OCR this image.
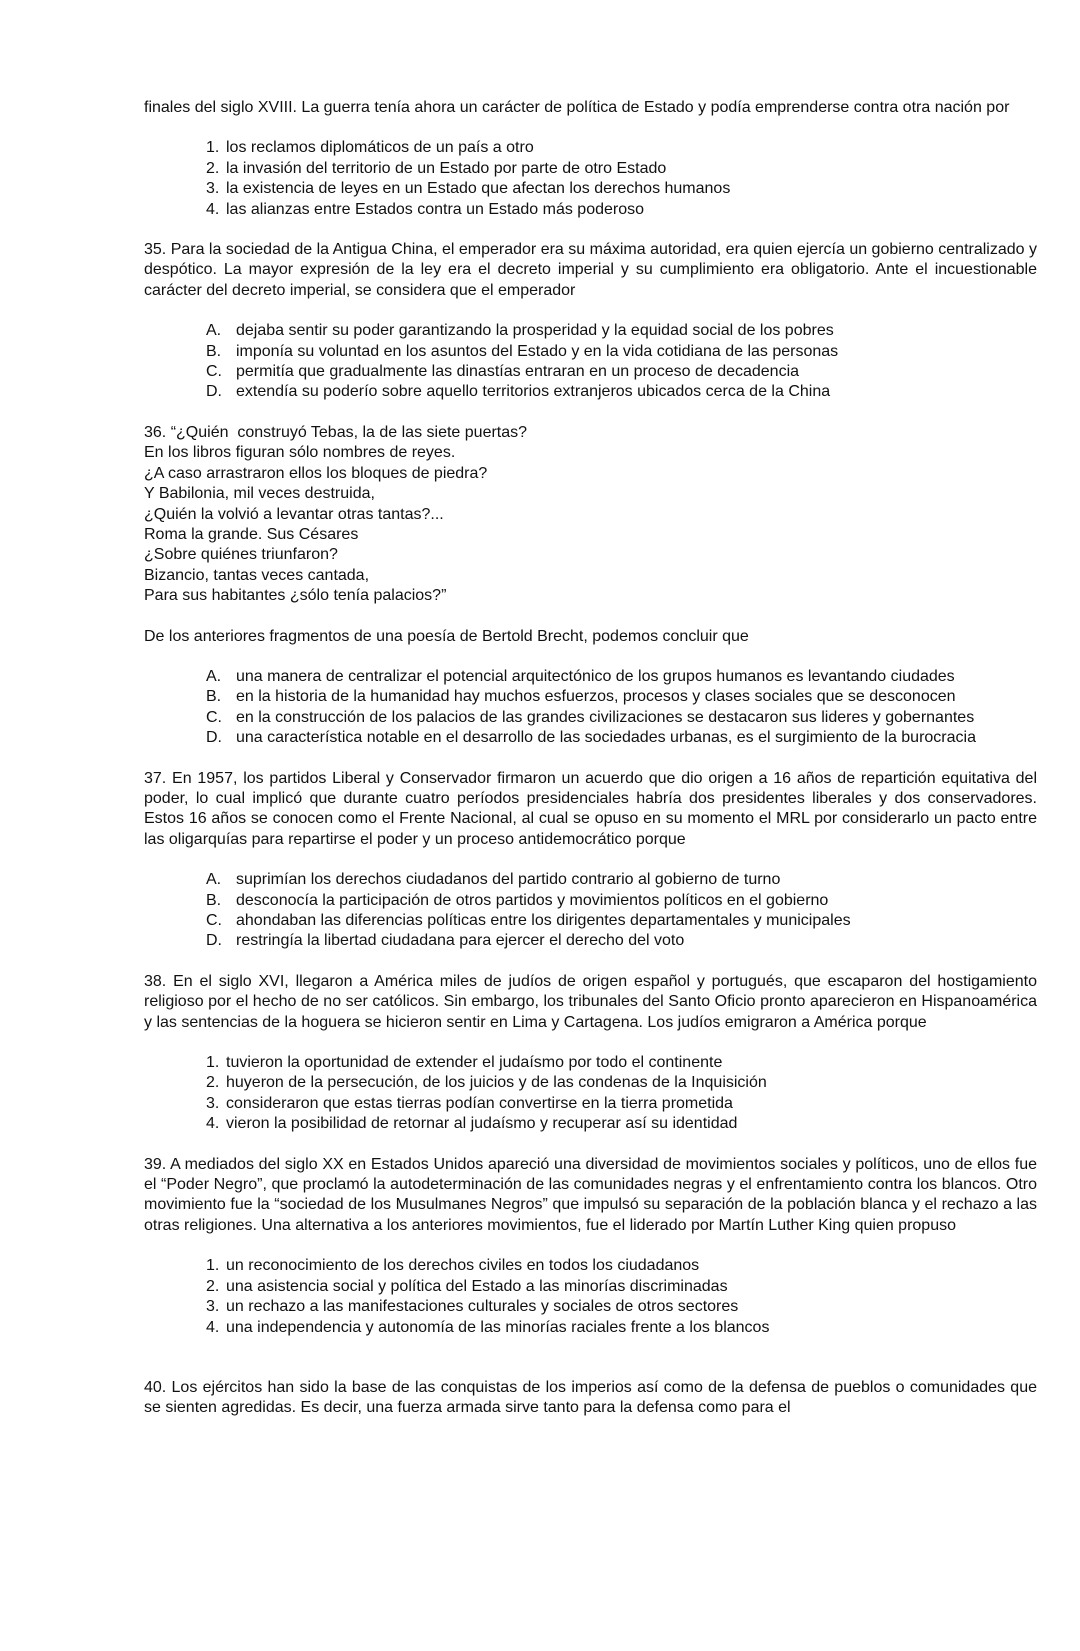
finales del siglo XVIII. La guerra tenía ahora un carácter de política de Estado y podía emprenderse contra otra nación por

1. los reclamos diplomáticos de un país a otro
2. la invasión del territorio de un Estado por parte de otro Estado
3. la existencia de leyes en un Estado que afectan los derechos humanos
4. las alianzas entre Estados contra un Estado más poderoso

35. Para la sociedad de la Antigua China, el emperador era su máxima autoridad, era quien ejercía un gobierno centralizado y despótico. La mayor expresión de la ley era el decreto imperial y su cumplimiento era obligatorio. Ante el incuestionable carácter del decreto imperial, se considera que el emperador

A. dejaba sentir su poder garantizando la prosperidad y la equidad social de los pobres
B. imponía su voluntad en los asuntos del Estado y en la vida cotidiana de las personas
C. permitía que gradualmente las dinastías entraran en un proceso de decadencia
D. extendía su poderío sobre aquello territorios extranjeros ubicados cerca de la China
36. “¿Quién  construyó Tebas, la de las siete puertas?
En los libros figuran sólo nombres de reyes.
¿A caso arrastraron ellos los bloques de piedra?
Y Babilonia, mil veces destruida,
¿Quién la volvió a levantar otras tantas?...
Roma la grande. Sus Césares
¿Sobre quiénes triunfaron?
Bizancio, tantas veces cantada,
Para sus habitantes ¿sólo tenía palacios?”

De los anteriores fragmentos de una poesía de Bertold Brecht, podemos concluir que

A. una manera de centralizar el potencial arquitectónico de los grupos humanos es levantando ciudades
B. en la historia de la humanidad hay muchos esfuerzos, procesos y clases sociales que se desconocen
C. en la construcción de los palacios de las grandes civilizaciones se destacaron sus lideres y gobernantes
D. una característica notable en el desarrollo de las sociedades urbanas, es el surgimiento de la burocracia

37. En 1957, los partidos Liberal y Conservador firmaron un acuerdo que dio origen a 16 años de repartición equitativa del poder, lo cual implicó que durante cuatro períodos presidenciales habría dos presidentes liberales y dos conservadores. Estos 16 años se conocen como el Frente Nacional, al cual se opuso en su momento el MRL por considerarlo un pacto entre las oligarquías para repartirse el poder y un proceso antidemocrático porque

A. suprimían los derechos ciudadanos del partido contrario al gobierno de turno
B. desconocía la participación de otros partidos y movimientos políticos en el gobierno
C. ahondaban las diferencias políticas entre los dirigentes departamentales y municipales
D. restringía la libertad ciudadana para ejercer el derecho del voto

38. En el siglo XVI, llegaron a América miles de judíos de origen español y portugués, que escaparon del hostigamiento religioso por el hecho de no ser católicos. Sin embargo, los tribunales del Santo Oficio pronto aparecieron en Hispanoamérica y las sentencias de la hoguera se hicieron sentir en Lima y Cartagena. Los judíos emigraron a América porque

1. tuvieron la oportunidad de extender el judaísmo por todo el continente
2. huyeron de la persecución, de los juicios y de las condenas de la Inquisición
3. consideraron que estas tierras podían convertirse en la tierra prometida
4. vieron la posibilidad de retornar al judaísmo y recuperar así su identidad

39. A mediados del siglo XX en Estados Unidos apareció una diversidad de movimientos sociales y políticos, uno de ellos fue el “Poder Negro”, que proclamó la autodeterminación de las comunidades negras y el enfrentamiento contra los blancos. Otro movimiento fue la “sociedad de los Musulmanes Negros” que impulsó su separación de la población blanca y el rechazo a las otras religiones. Una alternativa a los anteriores movimientos, fue el liderado por Martín Luther King quien propuso

1. un reconocimiento de los derechos civiles en todos los ciudadanos
2. una asistencia social y política del Estado a las minorías discriminadas
3. un rechazo a las manifestaciones culturales y sociales de otros sectores
4. una independencia y autonomía de las minorías raciales frente a los blancos

40. Los ejércitos han sido la base de las conquistas de los imperios así como de la defensa de pueblos o comunidades que se sienten agredidas. Es decir, una fuerza armada sirve tanto para la defensa como para el
